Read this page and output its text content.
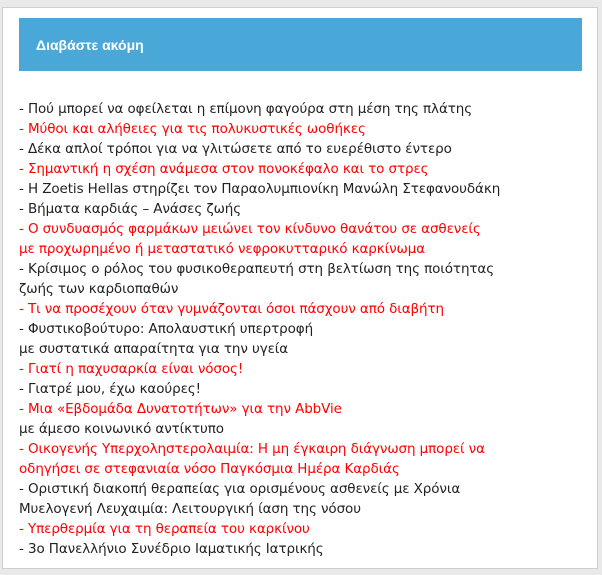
Διαβάστε ακόμη
- Πού μπορεί να οφείλεται η επίμονη φαγούρα στη μέση της πλάτης
- Μύθοι και αλήθειες για τις πολυκυστικές ωοθήκες
- Δέκα απλοί τρόποι για να γλιτώσετε από το ευερέθιστο έντερο
- Σημαντική η σχέση ανάμεσα στον πονοκέφαλο και το στρες
- Η Zoetis Hellas στηρίζει τον Παραολυμπιονίκη Μανώλη Στεφανουδάκη
- Βήματα καρδιάς – Ανάσες ζωής
- Ο συνδυασμός φαρμάκων μειώνει τον κίνδυνο θανάτου σε ασθενείς
με προχωρημένο ή μεταστατικό νεφροκυτταρικό καρκίνωμα
- Κρίσιμος ο ρόλος του φυσικοθεραπευτή στη βελτίωση της ποιότητας
ζωής των καρδιοπαθών
- Τι να προσέχουν όταν γυμνάζονται όσοι πάσχουν από διαβήτη
- Φυστικοβούτυρο: Απολαυστική υπερτροφή
με συστατικά απαραίτητα για την υγεία
- Γιατί η παχυσαρκία είναι νόσος!
- Γιατρέ μου, έχω καούρες!
- Μια «Εβδομάδα Δυνατοτήτων» για την AbbVie
με άμεσο κοινωνικό αντίκτυπο
- Οικογενής Υπερχοληστερολαιμία: Η μη έγκαιρη διάγνωση μπορεί να
οδηγήσει σε στεφανιαία νόσο Παγκόσμια Ημέρα Καρδιάς
- Οριστική διακοπή θεραπείας για ορισμένους ασθενείς με Χρόνια
Μυελογενή Λευχαιμία: Λειτουργική ίαση της νόσου
- Υπερθερμία για τη θεραπεία του καρκίνου
- 3ο Πανελλήνιο Συνέδριο Ιαματικής Ιατρικής
